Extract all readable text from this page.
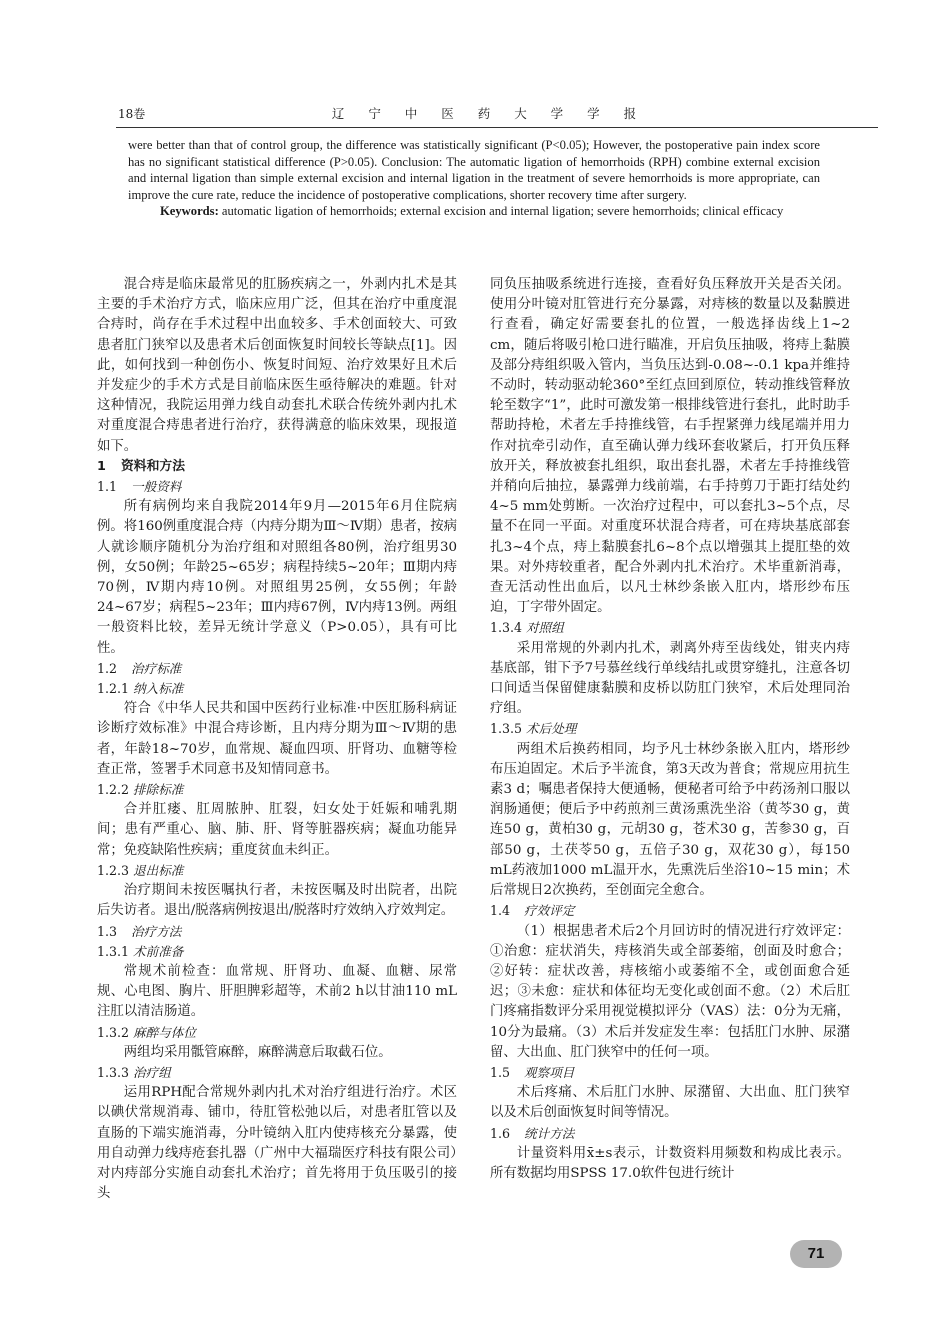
18卷	辽 宁 中 医 药 大 学 学 报

were better than that of control group, the difference was statistically significant (P<0.05); However, the postoperative pain index score has no significant statistical difference (P>0.05). Conclusion: The automatic ligation of hemorrhoids (RPH) combine external excision and internal ligation than simple external excision and internal ligation in the treatment of severe hemorrhoids is more appropriate, can improve the cure rate, reduce the incidence of postoperative complications, shorter recovery time after surgery.

Keywords: automatic ligation of hemorrhoids; external excision and internal ligation; severe hemorrhoids; clinical efficacy

混合痔是临床最常见的肛肠疾病之一，外剥内扎术是其主要的手术治疗方式，临床应用广泛，但其在治疗中重度混合痔时，尚存在手术过程中出血较多、手术创面较大、可致患者肛门狭窄以及患者术后创面恢复时间较长等缺点[1]。因此，如何找到一种创伤小、恢复时间短、治疗效果好且术后并发症少的手术方式是目前临床医生亟待解决的难题。针对这种情况，我院运用弹力线自动套扎术联合传统外剥内扎术对重度混合痔患者进行治疗，获得满意的临床效果，现报道如下。

1 资料和方法

1.1 一般资料

所有病例均来自我院2014年9月—2015年6月住院病例。将160例重度混合痔（内痔分期为Ⅲ～Ⅳ期）患者，按病人就诊顺序随机分为治疗组和对照组各80例，治疗组男30例，女50例；年龄25~65岁；病程持续5~20年；Ⅲ期内痔70例，Ⅳ期内痔10例。对照组男25例，女55例；年龄24~67岁；病程5~23年；Ⅲ内痔67例，Ⅳ内痔13例。两组一般资料比较，差异无统计学意义（P>0.05），具有可比性。

1.2 治疗标准

1.2.1 纳入标准

符合《中华人民共和国中医药行业标准·中医肛肠科病证诊断疗效标准》中混合痔诊断，且内痔分期为Ⅲ～Ⅳ期的患者，年龄18~70岁，血常规、凝血四项、肝肾功、血糖等检查正常，签署手术同意书及知情同意书。

1.2.2 排除标准

合并肛瘘、肛周脓肿、肛裂，妇女处于妊娠和哺乳期间；患有严重心、脑、肺、肝、肾等脏器疾病；凝血功能异常；免疫缺陷性疾病；重度贫血未纠正。

1.2.3 退出标准

治疗期间未按医嘱执行者，未按医嘱及时出院者，出院后失访者。退出/脱落病例按退出/脱落时疗效纳入疗效判定。

1.3 治疗方法

1.3.1 术前准备

常规术前检查：血常规、肝肾功、血凝、血糖、尿常规、心电图、胸片、肝胆脾彩超等，术前2 h以甘油110 mL注肛以清洁肠道。

1.3.2 麻醉与体位

两组均采用骶管麻醉，麻醉满意后取截石位。

1.3.3 治疗组

运用RPH配合常规外剥内扎术对治疗组进行治疗。术区以碘伏常规消毒、铺巾，待肛管松弛以后，对患者肛管以及直肠的下端实施消毒，分叶镜纳入肛内使痔核充分暴露，使用自动弹力线痔疮套扎器（广州中大福瑞医疗科技有限公司）对内痔部分实施自动套扎术治疗；首先将用于负压吸引的接头

同负压抽吸系统进行连接，查看好负压释放开关是否关闭。使用分叶镜对肛管进行充分暴露，对痔核的数量以及黏膜进行查看，确定好需要套扎的位置，一般选择齿线上1~2 cm，随后将吸引枪口进行瞄准，开启负压抽吸，将痔上黏膜及部分痔组织吸入管内，当负压达到-0.08~-0.1 kpa并维持不动时，转动驱动轮360°至红点回到原位，转动推线管释放轮至数字“1”，此时可激发第一根排线管进行套扎，此时助手帮助持枪，术者左手持推线管，右手捏紧弹力线尾端并用力作对抗牵引动作，直至确认弹力线环套收紧后，打开负压释放开关，释放被套扎组织，取出套扎器，术者左手持推线管并稍向后抽拉，暴露弹力线前端，右手持剪刀于距打结处约4~5 mm处剪断。一次治疗过程中，可以套扎3~5个点，尽量不在同一平面。对重度环状混合痔者，可在痔块基底部套扎3~4个点，痔上黏膜套扎6~8个点以增强其上提肛垫的效果。对外痔较重者，配合外剥内扎术治疗。术毕重新消毒，查无活动性出血后，以凡士林纱条嵌入肛内，塔形纱布压迫，丁字带外固定。

1.3.4 对照组

采用常规的外剥内扎术，剥离外痔至齿线处，钳夹内痔基底部，钳下予7号慕丝线行单线结扎或贯穿缝扎，注意各切口间适当保留健康黏膜和皮桥以防肛门狭窄，术后处理同治疗组。

1.3.5 术后处理

两组术后换药相同，均予凡士林纱条嵌入肛内，塔形纱布压迫固定。术后予半流食，第3天改为普食；常规应用抗生素3 d；嘱患者保持大便通畅，便秘者可给予中药汤剂口服以润肠通便；便后予中药煎剂三黄汤熏洗坐浴（黄芩30 g，黄连50 g，黄柏30 g，元胡30 g，苍术30 g，苦参30 g，百部50 g，土茯苓50 g，五倍子30 g，双花30 g），每150 mL药液加1000 mL温开水，先熏洗后坐浴10~15 min；术后常规日2次换药，至创面完全愈合。

1.4 疗效评定

（1）根据患者术后2个月回访时的情况进行疗效评定：①治愈：症状消失，痔核消失或全部萎缩，创面及时愈合；②好转：症状改善，痔核缩小或萎缩不全，或创面愈合延迟；③未愈：症状和体征均无变化或创面不愈。（2）术后肛门疼痛指数评分采用视觉模拟评分（VAS）法：0分为无痛，10分为最痛。（3）术后并发症发生率：包括肛门水肿、尿潴留、大出血、肛门狭窄中的任何一项。

1.5 观察项目

术后疼痛、术后肛门水肿、尿潴留、大出血、肛门狭窄以及术后创面恢复时间等情况。

1.6 统计方法

计量资料用x̄±s表示，计数资料用频数和构成比表示。所有数据均用SPSS 17.0软件包进行统计

71
